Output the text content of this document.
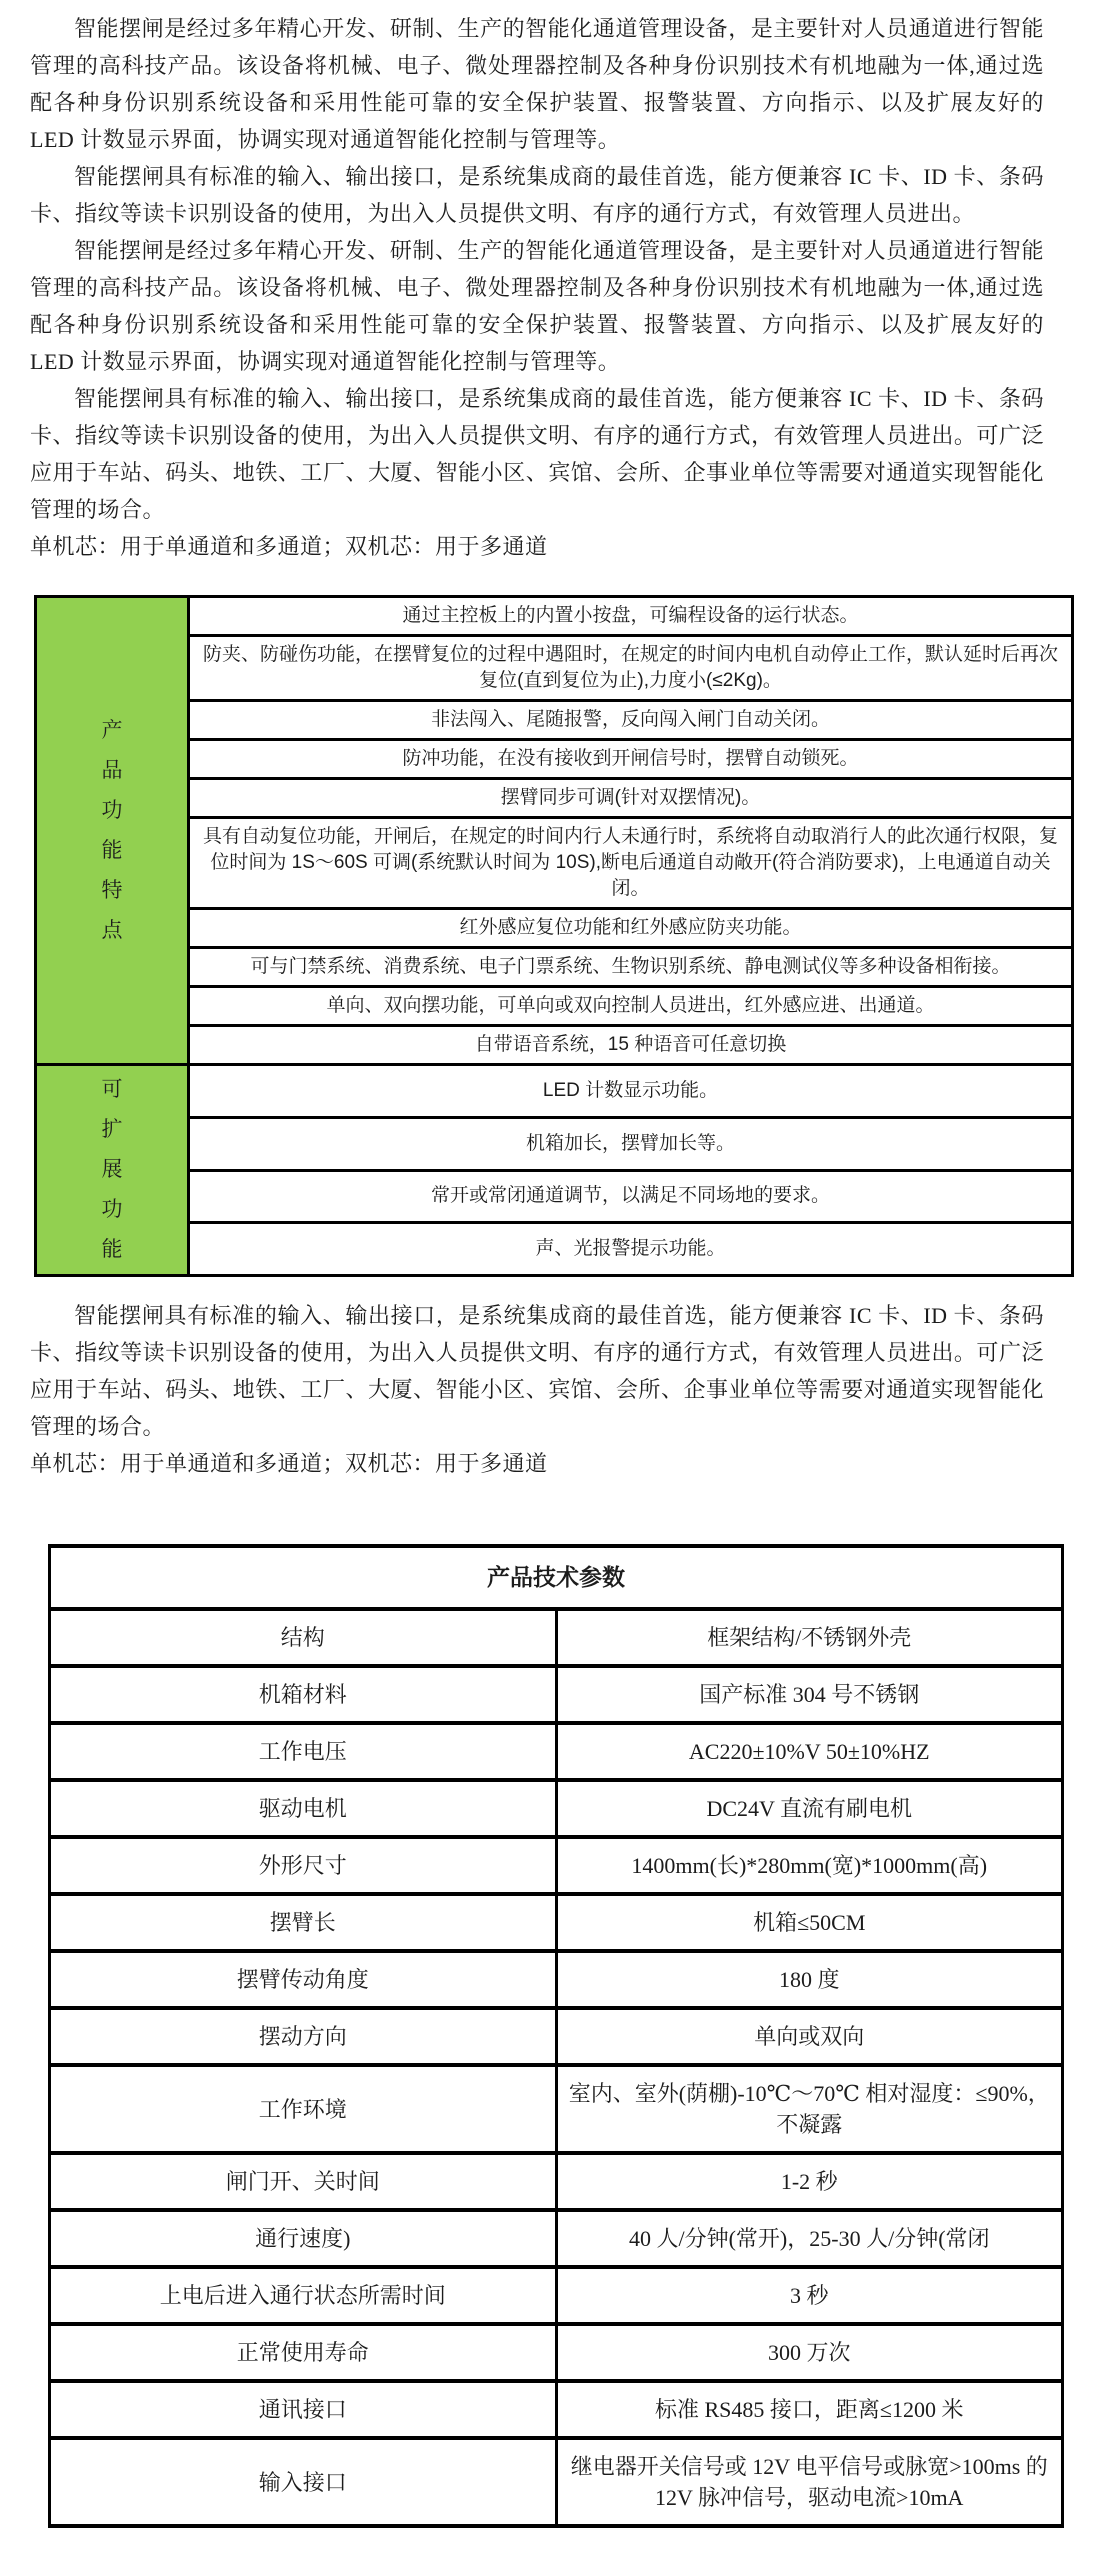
智能摆闸是经过多年精心开发、研制、生产的智能化通道管理设备，是主要针对人员通道进行智能管理的高科技产品。该设备将机械、电子、微处理器控制及各种身份识别技术有机地融为一体,通过选配各种身份识别系统设备和采用性能可靠的安全保护装置、报警装置、方向指示、以及扩展友好的 LED 计数显示界面，协调实现对通道智能化控制与管理等。

智能摆闸具有标准的输入、输出接口，是系统集成商的最佳首选，能方便兼容 IC 卡、ID 卡、条码卡、指纹等读卡识别设备的使用，为出入人员提供文明、有序的通行方式，有效管理人员进出。

智能摆闸是经过多年精心开发、研制、生产的智能化通道管理设备，是主要针对人员通道进行智能管理的高科技产品。该设备将机械、电子、微处理器控制及各种身份识别技术有机地融为一体,通过选配各种身份识别系统设备和采用性能可靠的安全保护装置、报警装置、方向指示、以及扩展友好的 LED 计数显示界面，协调实现对通道智能化控制与管理等。

智能摆闸具有标准的输入、输出接口，是系统集成商的最佳首选，能方便兼容 IC 卡、ID 卡、条码卡、指纹等读卡识别设备的使用，为出入人员提供文明、有序的通行方式，有效管理人员进出。可广泛应用于车站、码头、地铁、工厂、大厦、智能小区、宾馆、会所、企事业单位等需要对通道实现智能化管理的场合。

单机芯：用于单通道和多通道；双机芯：用于多通道

产品功能特点	通过主控板上的内置小按盘，可编程设备的运行状态。
	防夹、防碰伤功能，在摆臂复位的过程中遇阻时，在规定的时间内电机自动停止工作，默认延时后再次复位(直到复位为止),力度小(≤2Kg)。
	非法闯入、尾随报警，反向闯入闸门自动关闭。
	防冲功能，在没有接收到开闸信号时，摆臂自动锁死。
	摆臂同步可调(针对双摆情况)。
	具有自动复位功能，开闸后，在规定的时间内行人未通行时，系统将自动取消行人的此次通行权限，复位时间为 1S～60S 可调(系统默认时间为 10S),断电后通道自动敞开(符合消防要求)，上电通道自动关闭。
	红外感应复位功能和红外感应防夹功能。
	可与门禁系统、消费系统、电子门票系统、生物识别系统、静电测试仪等多种设备相衔接。
	单向、双向摆功能，可单向或双向控制人员进出，红外感应进、出通道。
	自带语音系统，15 种语音可任意切换
可扩展功能	LED 计数显示功能。
	机箱加长，摆臂加长等。
	常开或常闭通道调节，以满足不同场地的要求。
	声、光报警提示功能。

智能摆闸具有标准的输入、输出接口，是系统集成商的最佳首选，能方便兼容 IC 卡、ID 卡、条码卡、指纹等读卡识别设备的使用，为出入人员提供文明、有序的通行方式，有效管理人员进出。可广泛应用于车站、码头、地铁、工厂、大厦、智能小区、宾馆、会所、企事业单位等需要对通道实现智能化管理的场合。

单机芯：用于单通道和多通道；双机芯：用于多通道

产品技术参数	
结构	框架结构/不锈钢外壳
机箱材料	国产标准 304 号不锈钢
工作电压	AC220±10%V 50±10%HZ
驱动电机	DC24V 直流有刷电机
外形尺寸	1400mm(长)*280mm(宽)*1000mm(高)
摆臂长	机箱≤50CM
摆臂传动角度	180 度
摆动方向	单向或双向
工作环境	室内、室外(荫棚)-10℃～70℃ 相对湿度：≤90%，不凝露
闸门开、关时间	1-2 秒
通行速度)	40 人/分钟(常开)，25-30 人/分钟(常闭
上电后进入通行状态所需时间	3 秒
正常使用寿命	300 万次
通讯接口	标准 RS485 接口，距离≤1200 米
输入接口	继电器开关信号或 12V 电平信号或脉宽>100ms 的 12V 脉冲信号，驱动电流>10mA
